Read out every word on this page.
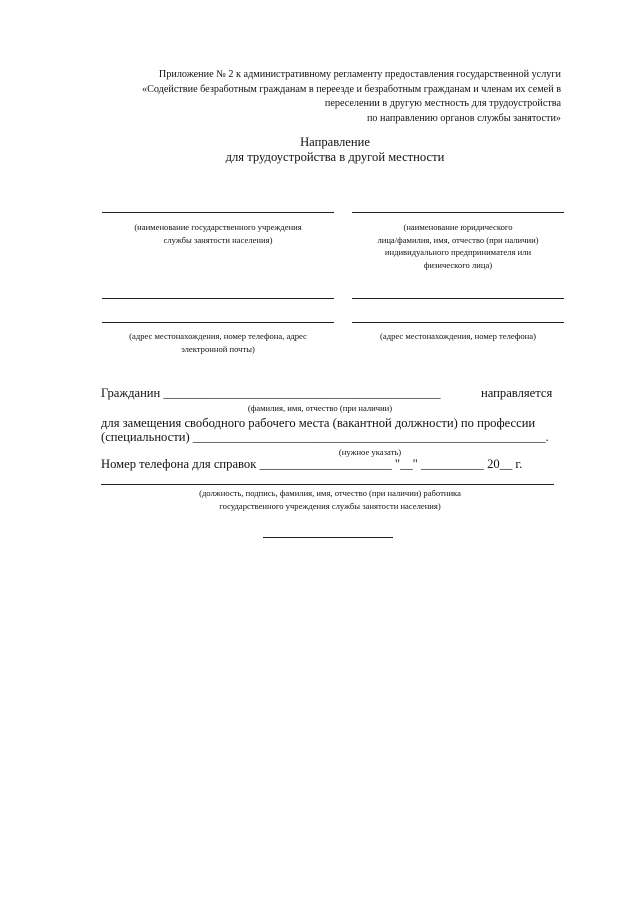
Приложение № 2 к административному регламенту предоставления государственной услуги
«Содействие безработным гражданам в переезде и безработным гражданам и членам их семей в
переселении в другую местность для трудоустройства
по направлению органов службы занятости»
Направление
для трудоустройства в другой местности
(наименование государственного учреждения
службы занятости населения)
(адрес местонахождения, номер телефона, адрес
электронной почты)
(наименование юридического
лица/фамилия, имя, отчество (при наличии)
индивидуального предпринимателя или
физического лица)
(адрес местонахождения, номер телефона)
Гражданин ____________________________________________	направляется
(фамилия, имя, отчество (при наличии)
для замещения свободного рабочего места (вакантной должности) по профессии
(специальности) ________________________________________________________.
(нужное указать)
Номер телефона для справок _____________________ "__" __________ 20__ г.
(должность, подпись, фамилия, имя, отчество (при наличии) работника
государственного учреждения службы занятости населения)
